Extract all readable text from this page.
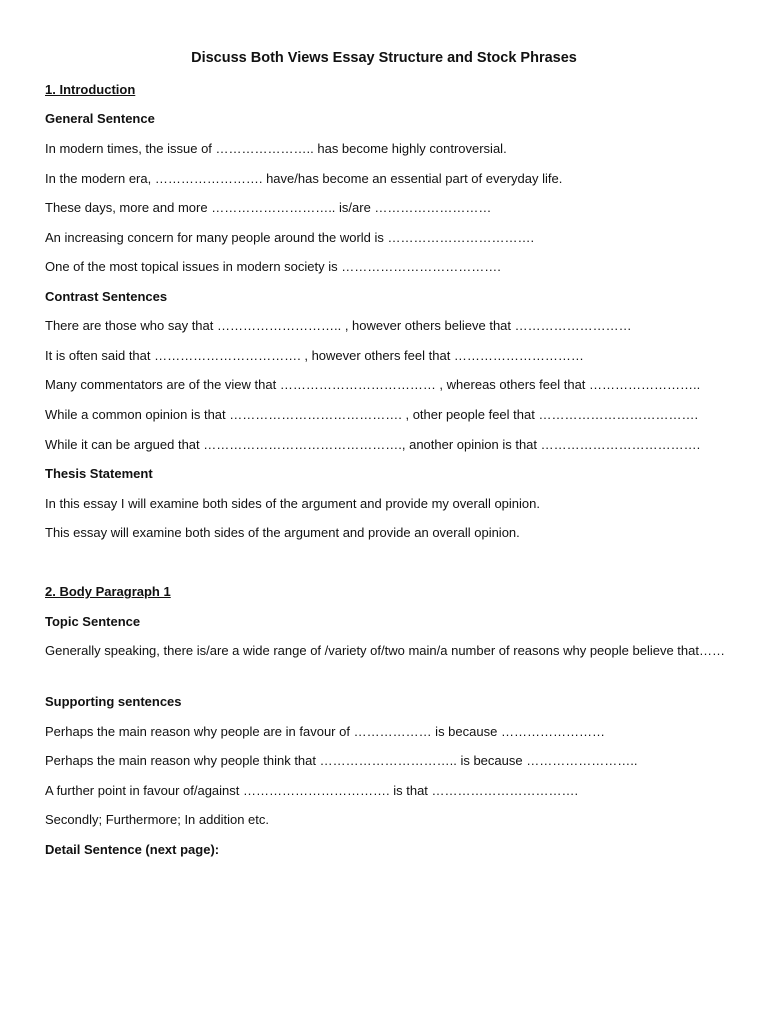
Discuss Both Views Essay Structure and Stock Phrases
1. Introduction
General Sentence
In modern times, the issue of ………………….. has become highly controversial.
In the modern era, ……………………. have/has become an essential part of everyday life.
These days, more and more ……………………….. is/are ………………………
An increasing concern for many people around the world is …………………………….
One of the most topical issues in modern society is ……………………………….
Contrast Sentences
There are those who say that ……………………….. , however others believe that ………………………
It is often said that ……………………………. , however others feel that …………………………
Many commentators are of the view that ……………………………… , whereas others feel that ……………………..
While a common opinion is that …………………………………. , other people feel that ……………………………….
While it can be argued that ………………………………………., another opinion is that ……………………………….
Thesis Statement
In this essay I will examine both sides of the argument and provide my overall opinion.
This essay will examine both sides of the argument and provide an overall opinion.
2. Body Paragraph 1
Topic Sentence
Generally speaking, there is/are a wide range of /variety of/two main/a number of reasons why people believe that……
Supporting sentences
Perhaps the main reason why people are in favour of ……………… is because ……………………
Perhaps the main reason why people think that ………………………….. is because ……………………..
A further point in favour of/against ……………………………. is that …………………………….
Secondly; Furthermore; In addition etc.
Detail Sentence (next page):
